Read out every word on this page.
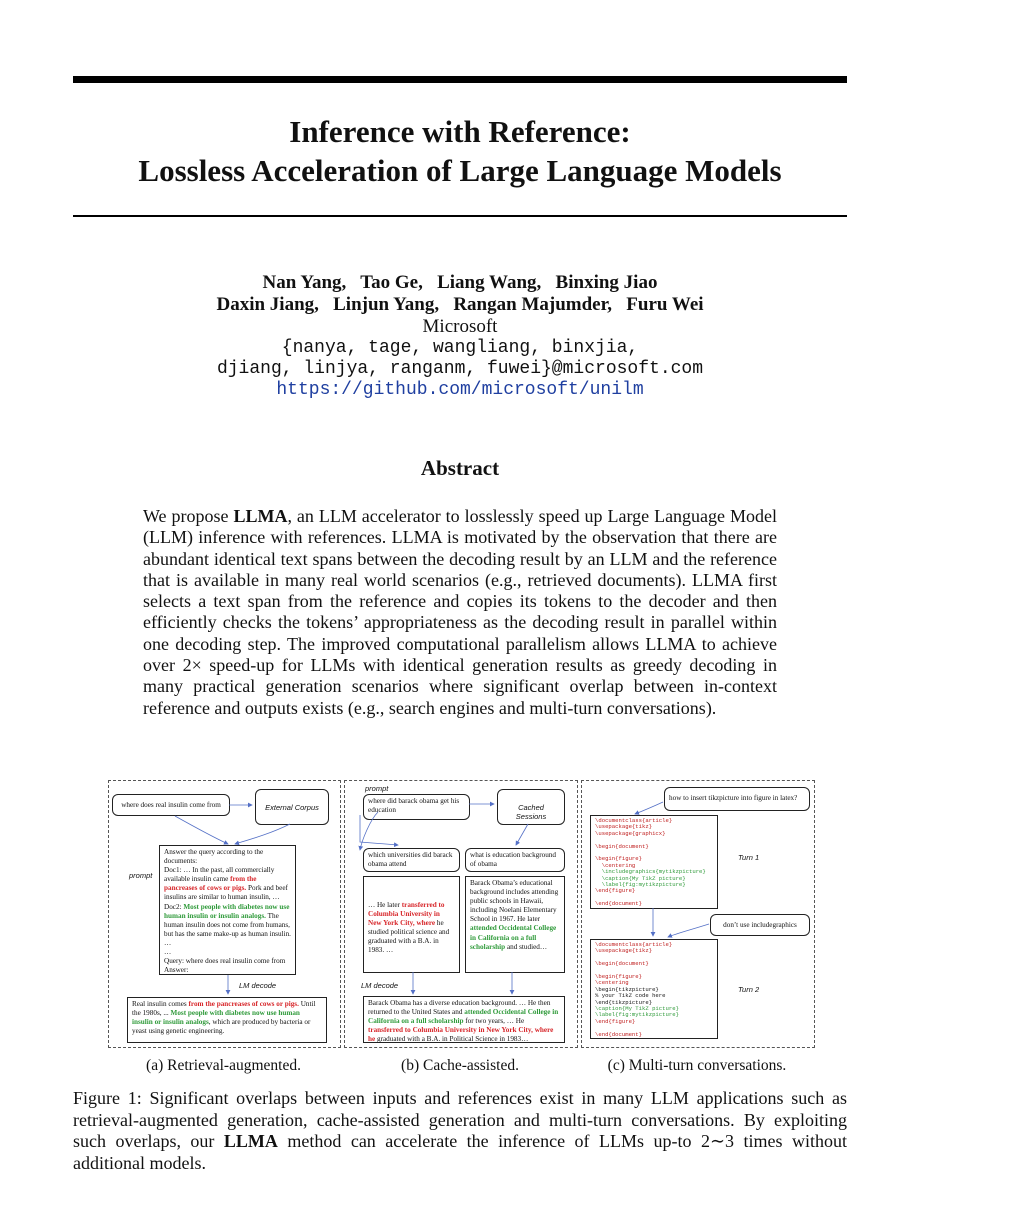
Inference with Reference:
Lossless Acceleration of Large Language Models
Nan Yang,   Tao Ge,   Liang Wang,   Binxing Jiao
Daxin Jiang,   Linjun Yang,   Rangan Majumder,   Furu Wei
Microsoft
{nanya, tage, wangliang, binxjia,
djiang, linjya, ranganm, fuwei}@microsoft.com
https://github.com/microsoft/unilm
Abstract
We propose LLMA, an LLM accelerator to losslessly speed up Large Language Model (LLM) inference with references. LLMA is motivated by the observation that there are abundant identical text spans between the decoding result by an LLM and the reference that is available in many real world scenarios (e.g., retrieved documents). LLMA first selects a text span from the reference and copies its tokens to the decoder and then efficiently checks the tokens’ appropriateness as the decoding result in parallel within one decoding step. The improved computational parallelism allows LLMA to achieve over 2× speed-up for LLMs with identical generation results as greedy decoding in many practical generation scenarios where significant overlap between in-context reference and outputs exists (e.g., search engines and multi-turn conversations).
where does real insulin come from	External Corpus
prompt
Answer the query according to the documents:
Doc1: … In the past, all commercially available insulin came from the pancreases of cows or pigs. Pork and beef insulins are similar to human insulin, …
Doc2: Most people with diabetes now use human insulin or insulin analogs. The human insulin does not come from humans, but has the same make-up as human insulin. …
…
Query: where does real insulin come from
Answer:
LM decode
Real insulin comes from the pancreases of cows or pigs. Until the 1980s, ... Most people with diabetes now use human insulin or insulin analogs, which are produced by bacteria or yeast using genetic engineering.
(a) Retrieval-augmented.
prompt
where did barack obama get his education	Cached Sessions
which universities did barack obama attend
what is education background of obama
… He later transferred to Columbia University in New York City, where he studied political science and graduated with a B.A. in 1983. …
Barack Obama’s educational background includes attending public schools in Hawaii, including Noelani Elementary School in 1967. He later attended Occidental College in California on a full scholarship and studied…
LM decode
Barack Obama has a diverse education background. … He then returned to the United States and attended Occidental College in California on a full scholarship for two years, … He transferred to Columbia University in New York City, where he graduated with a B.A. in Political Science in 1983…
(b) Cache-assisted.
how to insert tikzpicture into figure in latex?
\documentclass{article}
\usepackage{tikz}
\usepackage{graphicx}

\begin{document}

\begin{figure}
\centering
\includegraphics{mytikzpicture}
\caption{My TikZ picture}
\label{fig:mytikzpicture}
\end{figure}

\end{document}
Turn 1
don’t use includegraphics
\documentclass{article}
\usepackage{tikz}

\begin{document}

\begin{figure}
\centering
\begin{tikzpicture}
% your TikZ code here
\end{tikzpicture}
\caption{My TikZ picture}
\label{fig:mytikzpicture}
\end{figure}

\end{document}
Turn 2
(c) Multi-turn conversations.
Figure 1: Significant overlaps between inputs and references exist in many LLM applications such as retrieval-augmented generation, cache-assisted generation and multi-turn conversations. By exploiting such overlaps, our LLMA method can accelerate the inference of LLMs up-to 2∼3 times without additional models.
